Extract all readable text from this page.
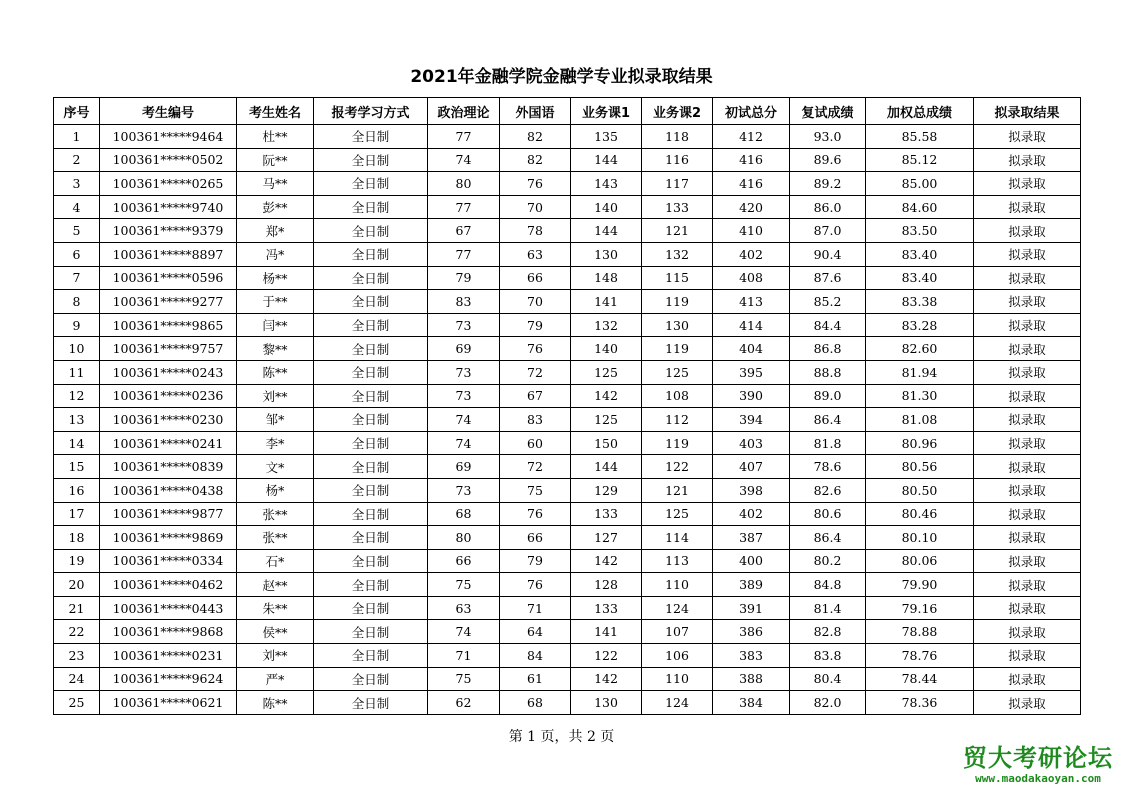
2021年金融学院金融学专业拟录取结果
序号	考生编号	考生姓名	报考学习方式	政治理论	外国语	业务课1	业务课2	初试总分	复试成绩	加权总成绩	拟录取结果
1	100361*****9464	杜**	全日制	77	82	135	118	412	93.0	85.58	拟录取
2	100361*****0502	阮**	全日制	74	82	144	116	416	89.6	85.12	拟录取
3	100361*****0265	马**	全日制	80	76	143	117	416	89.2	85.00	拟录取
4	100361*****9740	彭**	全日制	77	70	140	133	420	86.0	84.60	拟录取
5	100361*****9379	郑*	全日制	67	78	144	121	410	87.0	83.50	拟录取
6	100361*****8897	冯*	全日制	77	63	130	132	402	90.4	83.40	拟录取
7	100361*****0596	杨**	全日制	79	66	148	115	408	87.6	83.40	拟录取
8	100361*****9277	于**	全日制	83	70	141	119	413	85.2	83.38	拟录取
9	100361*****9865	闫**	全日制	73	79	132	130	414	84.4	83.28	拟录取
10	100361*****9757	黎**	全日制	69	76	140	119	404	86.8	82.60	拟录取
11	100361*****0243	陈**	全日制	73	72	125	125	395	88.8	81.94	拟录取
12	100361*****0236	刘**	全日制	73	67	142	108	390	89.0	81.30	拟录取
13	100361*****0230	邹*	全日制	74	83	125	112	394	86.4	81.08	拟录取
14	100361*****0241	李*	全日制	74	60	150	119	403	81.8	80.96	拟录取
15	100361*****0839	文*	全日制	69	72	144	122	407	78.6	80.56	拟录取
16	100361*****0438	杨*	全日制	73	75	129	121	398	82.6	80.50	拟录取
17	100361*****9877	张**	全日制	68	76	133	125	402	80.6	80.46	拟录取
18	100361*****9869	张**	全日制	80	66	127	114	387	86.4	80.10	拟录取
19	100361*****0334	石*	全日制	66	79	142	113	400	80.2	80.06	拟录取
20	100361*****0462	赵**	全日制	75	76	128	110	389	84.8	79.90	拟录取
21	100361*****0443	朱**	全日制	63	71	133	124	391	81.4	79.16	拟录取
22	100361*****9868	侯**	全日制	74	64	141	107	386	82.8	78.88	拟录取
23	100361*****0231	刘**	全日制	71	84	122	106	383	83.8	78.76	拟录取
24	100361*****9624	严*	全日制	75	61	142	110	388	80.4	78.44	拟录取
25	100361*****0621	陈**	全日制	62	68	130	124	384	82.0	78.36	拟录取
第 1 页，共 2 页
贸大考研论坛
www.maodakaoyan.com
